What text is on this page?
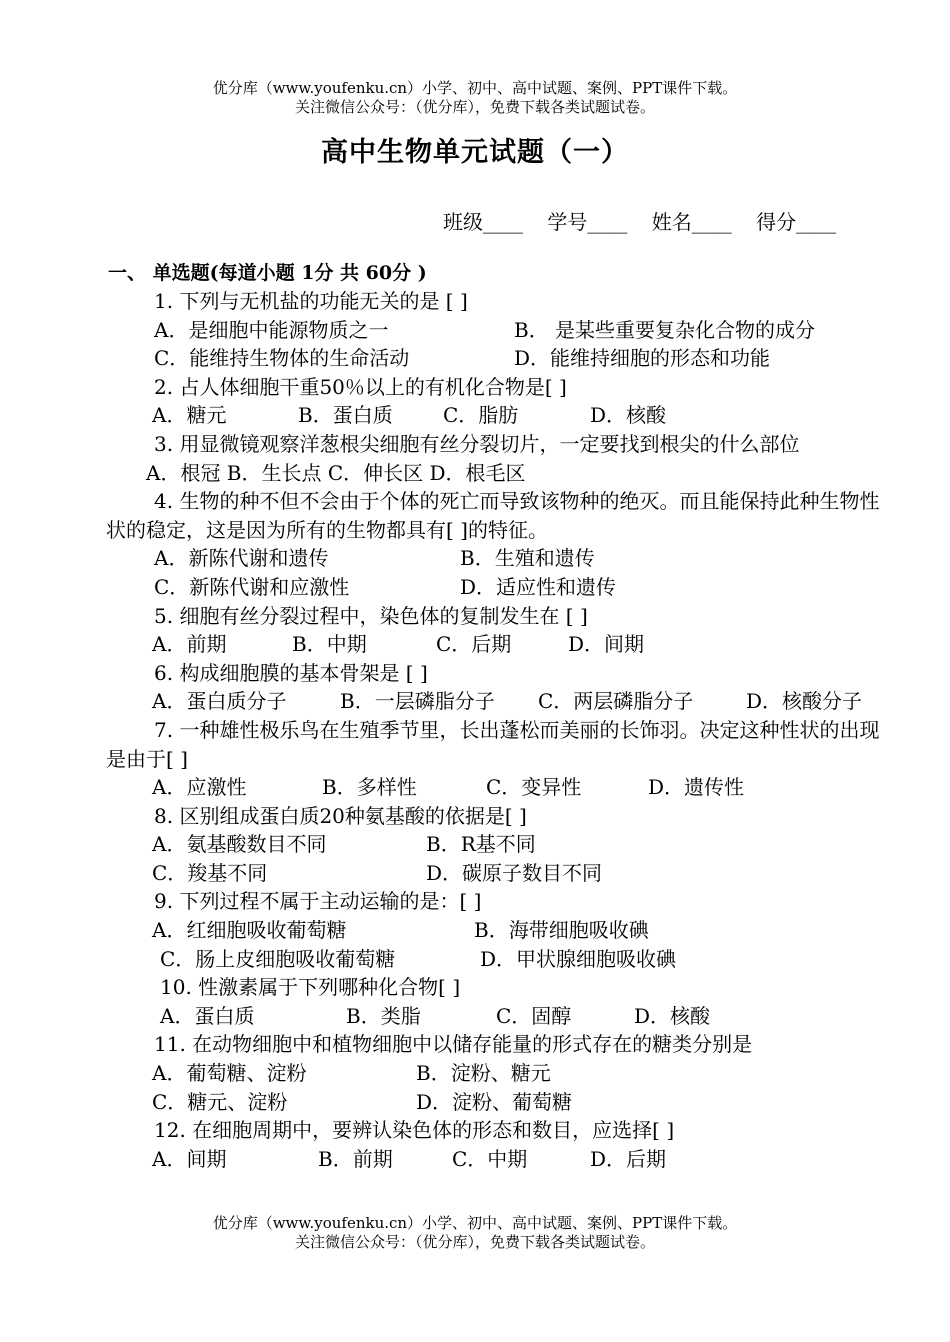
优分库（www.youfenku.cn）小学、初中、高中试题、案例、PPT课件下载。
关注微信公众号：（优分库），免费下载各类试题试卷。
高中生物单元试题（一）
班级____ 学号____ 姓名____ 得分____
一、 单选题(每道小题 1分 共 60分 )
1. 下列与无机盐的功能无关的是 [ ]
A．是细胞中能源物质之一	B． 是某些重要复杂化合物的成分
C．能维持生物体的生命活动	D．能维持细胞的形态和功能
2. 占人体细胞干重50％以上的有机化合物是[ ]
A．糖元	B．蛋白质	C．脂肪	D．核酸
3. 用显微镜观察洋葱根尖细胞有丝分裂切片，一定要找到根尖的什么部位
A．根冠 B．生长点 C．伸长区 D．根毛区
4. 生物的种不但不会由于个体的死亡而导致该物种的绝灭。而且能保持此种生物性状的稳定，这是因为所有的生物都具有[ ]的特征。
A．新陈代谢和遗传	B．生殖和遗传
C．新陈代谢和应激性	D．适应性和遗传
5. 细胞有丝分裂过程中，染色体的复制发生在 [ ]
A．前期	B．中期	C．后期	D．间期
6. 构成细胞膜的基本骨架是 [ ]
A．蛋白质分子	B．一层磷脂分子 C．两层磷脂分子	D．核酸分子
7. 一种雄性极乐鸟在生殖季节里，长出蓬松而美丽的长饰羽。决定这种性状的出现是由于[ ]
A．应激性	B．多样性	C．变异性	D．遗传性
8. 区别组成蛋白质20种氨基酸的依据是[ ]
A．氨基酸数目不同	B．R基不同
C．羧基不同	D．碳原子数目不同
9. 下列过程不属于主动运输的是：[ ]
A．红细胞吸收葡萄糖	B．海带细胞吸收碘
C．肠上皮细胞吸收葡萄糖	D．甲状腺细胞吸收碘
10. 性激素属于下列哪种化合物[ ]
A．蛋白质	B．类脂	C．固醇	D．核酸
11. 在动物细胞中和植物细胞中以储存能量的形式存在的糖类分别是
A．葡萄糖、淀粉	B．淀粉、糖元
C．糖元、淀粉	D．淀粉、葡萄糖
12. 在细胞周期中，要辨认染色体的形态和数目，应选择[ ]
A．间期	B．前期	C．中期	D．后期
优分库（www.youfenku.cn）小学、初中、高中试题、案例、PPT课件下载。
关注微信公众号：（优分库），免费下载各类试题试卷。
